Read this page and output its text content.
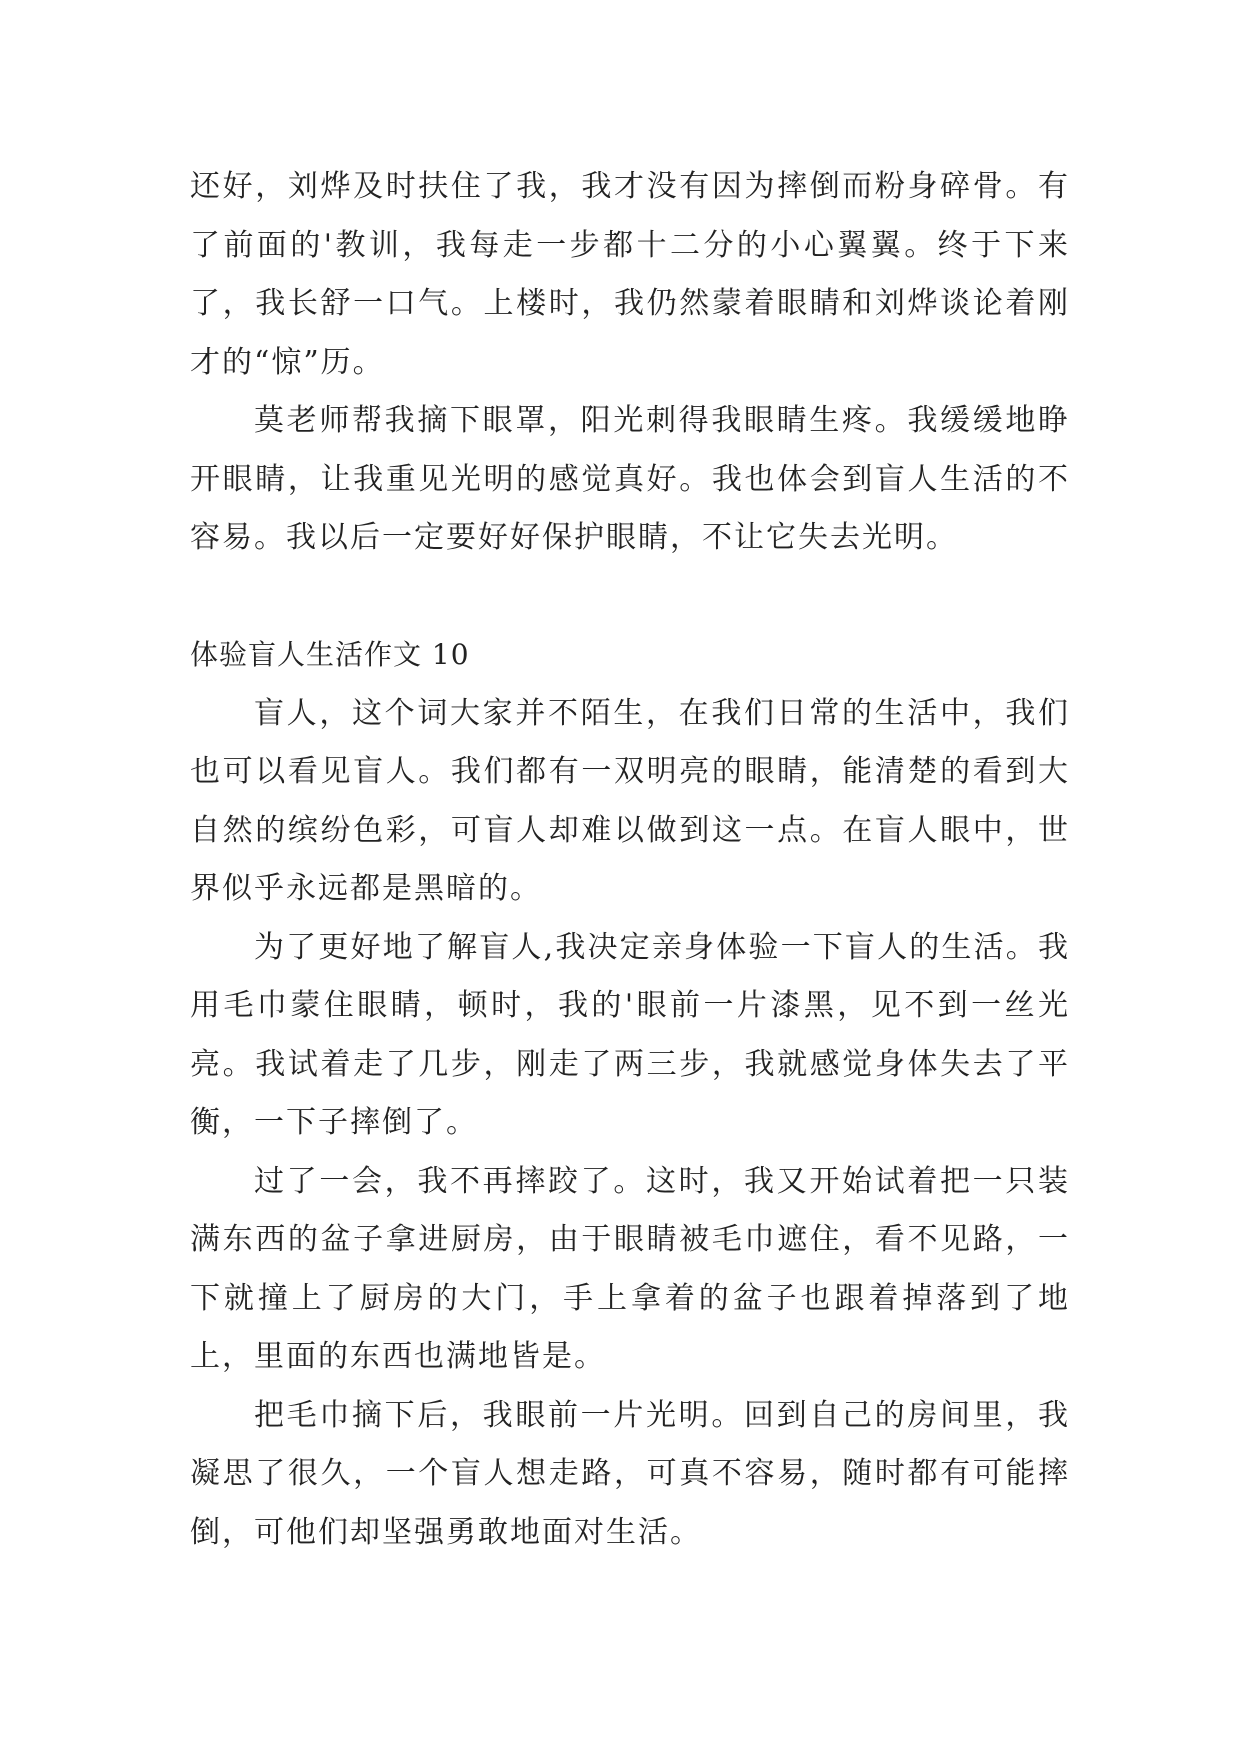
还好，刘烨及时扶住了我，我才没有因为摔倒而粉身碎骨。有了前面的'教训，我每走一步都十二分的小心翼翼。终于下来了，我长舒一口气。上楼时，我仍然蒙着眼睛和刘烨谈论着刚才的“惊”历。

莫老师帮我摘下眼罩，阳光刺得我眼睛生疼。我缓缓地睁开眼睛，让我重见光明的感觉真好。我也体会到盲人生活的不容易。我以后一定要好好保护眼睛，不让它失去光明。

体验盲人生活作文 10

盲人，这个词大家并不陌生，在我们日常的生活中，我们也可以看见盲人。我们都有一双明亮的眼睛，能清楚的看到大自然的缤纷色彩，可盲人却难以做到这一点。在盲人眼中，世界似乎永远都是黑暗的。

为了更好地了解盲人,我决定亲身体验一下盲人的生活。我用毛巾蒙住眼睛，顿时，我的'眼前一片漆黑，见不到一丝光亮。我试着走了几步，刚走了两三步，我就感觉身体失去了平衡，一下子摔倒了。

过了一会，我不再摔跤了。这时，我又开始试着把一只装满东西的盆子拿进厨房，由于眼睛被毛巾遮住，看不见路，一下就撞上了厨房的大门，手上拿着的盆子也跟着掉落到了地上，里面的东西也满地皆是。

把毛巾摘下后，我眼前一片光明。回到自己的房间里，我凝思了很久，一个盲人想走路，可真不容易，随时都有可能摔倒，可他们却坚强勇敢地面对生活。
